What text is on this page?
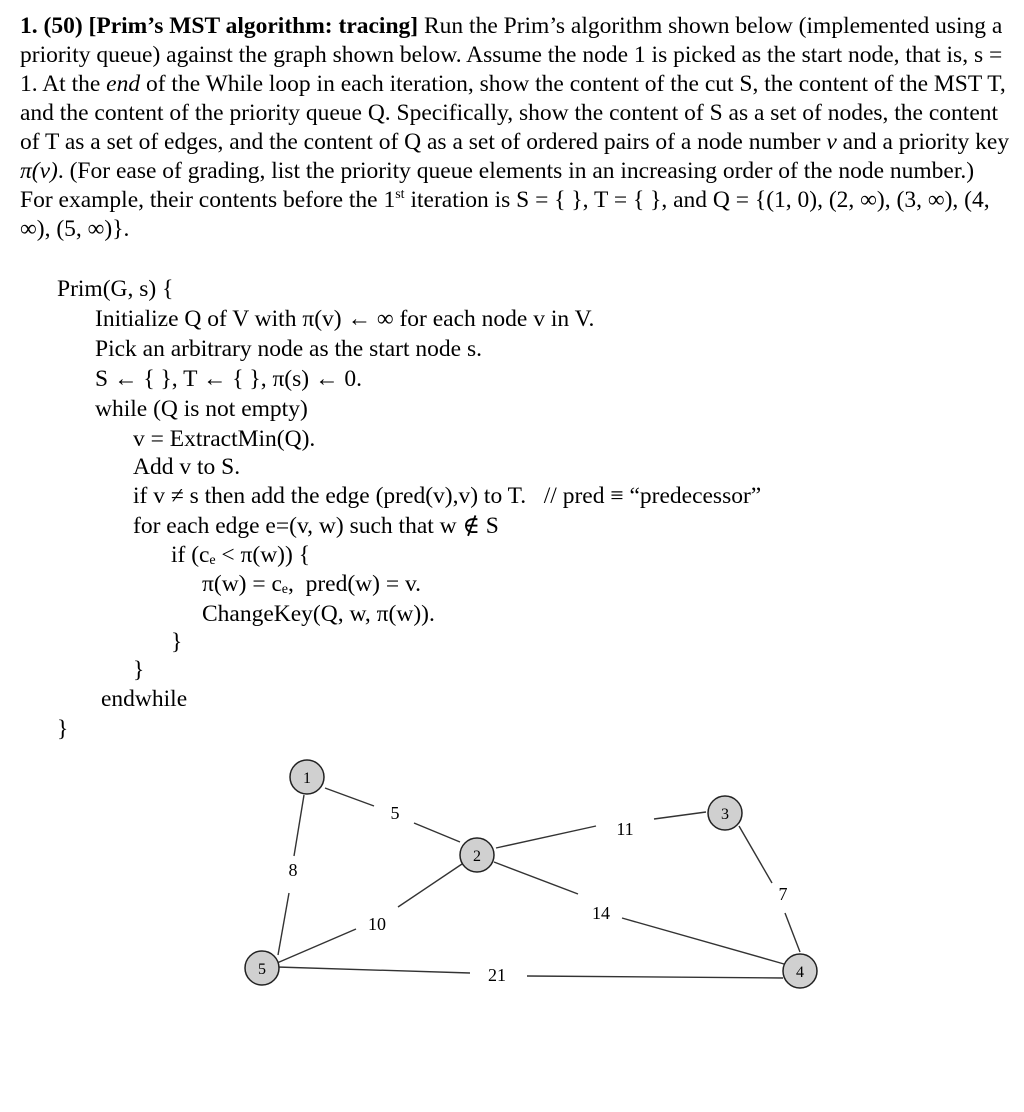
1. (50) [Prim’s MST algorithm: tracing] Run the Prim’s algorithm shown below (implemented using a priority queue) against the graph shown below. Assume the node 1 is picked as the start node, that is, s = 1. At the end of the While loop in each iteration, show the content of the cut S, the content of the MST T, and the content of the priority queue Q. Specifically, show the content of S as a set of nodes, the content of T as a set of edges, and the content of Q as a set of ordered pairs of a node number v and a priority key π(v). (For ease of grading, list the priority queue elements in an increasing order of the node number.) For example, their contents before the 1st iteration is S = { }, T = { }, and Q = {(1, 0), (2, ∞), (3, ∞), (4, ∞), (5, ∞)}.
Prim(G, s) {
Initialize Q of V with π(v) ← ∞ for each node v in V.
Pick an arbitrary node as the start node s.
S ← { }, T ← { }, π(s) ← 0.
while (Q is not empty)
v = ExtractMin(Q).
Add v to S.
if v ≠ s then add the edge (pred(v),v) to T.   // pred ≡ “predecessor”
for each edge e=(v, w) such that w ∉ S
if (cₑ < π(w)) {
π(w) = cₑ,  pred(w) = v.
ChangeKey(Q, w, π(w)).
}
}
endwhile
}
5
8
11
14
10
7
21
1
2
3
4
5
